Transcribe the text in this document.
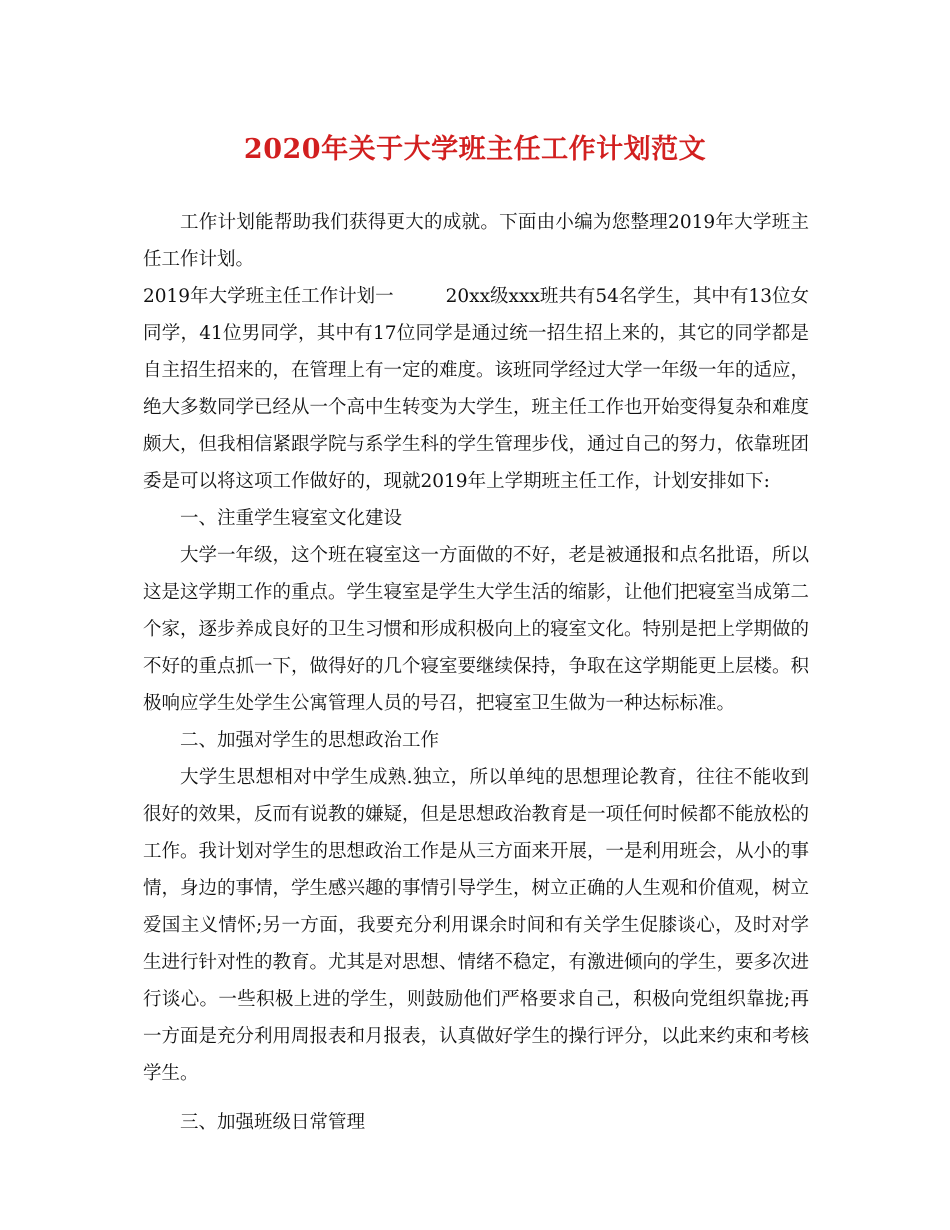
2020年关于大学班主任工作计划范文

工作计划能帮助我们获得更大的成就。下面由小编为您整理2019年大学班主任工作计划。

2019年大学班主任工作计划一	20xx级xxx班共有54名学生，其中有13位女同学，41位男同学，其中有17位同学是通过统一招生招上来的，其它的同学都是自主招生招来的，在管理上有一定的难度。该班同学经过大学一年级一年的适应，绝大多数同学已经从一个高中生转变为大学生，班主任工作也开始变得复杂和难度颇大，但我相信紧跟学院与系学生科的学生管理步伐，通过自己的努力，依靠班团委是可以将这项工作做好的，现就2019年上学期班主任工作，计划安排如下:

一、注重学生寝室文化建设

大学一年级，这个班在寝室这一方面做的不好，老是被通报和点名批语，所以这是这学期工作的重点。学生寝室是学生大学生活的缩影，让他们把寝室当成第二个家，逐步养成良好的卫生习惯和形成积极向上的寝室文化。特别是把上学期做的不好的重点抓一下，做得好的几个寝室要继续保持，争取在这学期能更上层楼。积极响应学生处学生公寓管理人员的号召，把寝室卫生做为一种达标标准。

二、加强对学生的思想政治工作

大学生思想相对中学生成熟.独立，所以单纯的思想理论教育，往往不能收到很好的效果，反而有说教的嫌疑，但是思想政治教育是一项任何时候都不能放松的工作。我计划对学生的思想政治工作是从三方面来开展，一是利用班会，从小的事情，身边的事情，学生感兴趣的事情引导学生，树立正确的人生观和价值观，树立爱国主义情怀;另一方面，我要充分利用课余时间和有关学生促膝谈心，及时对学生进行针对性的教育。尤其是对思想、情绪不稳定，有激进倾向的学生，要多次进行谈心。一些积极上进的学生，则鼓励他们严格要求自己，积极向党组织靠拢;再一方面是充分利用周报表和月报表，认真做好学生的操行评分，以此来约束和考核学生。

三、加强班级日常管理
